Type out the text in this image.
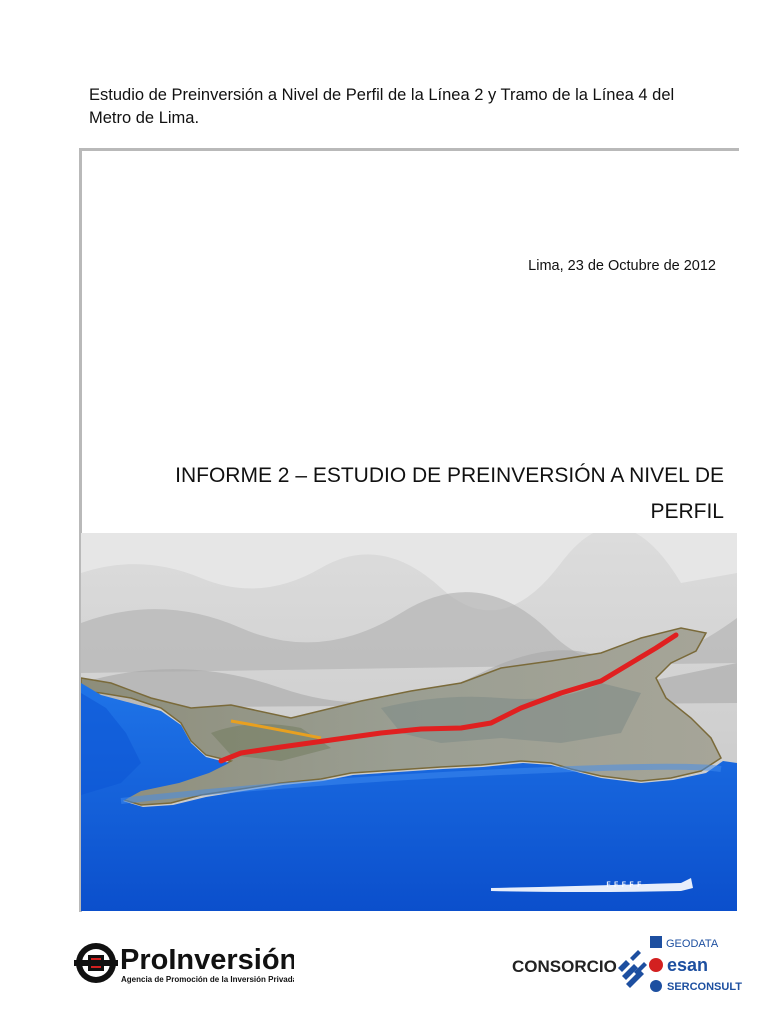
Estudio de Preinversión a Nivel de Perfil de la Línea 2 y Tramo de la Línea 4 del
Metro de Lima.
Lima, 23 de Octubre de 2012
INFORME 2 – ESTUDIO DE PREINVERSIÓN A NIVEL DE
PERFIL
ꜰ ꜰ ꜰ ꜰ ꜰ
ProInversión
Agencia de Promoción de la Inversión Privada
CONSORCIO
GEODATA
esan
SERCONSULT
